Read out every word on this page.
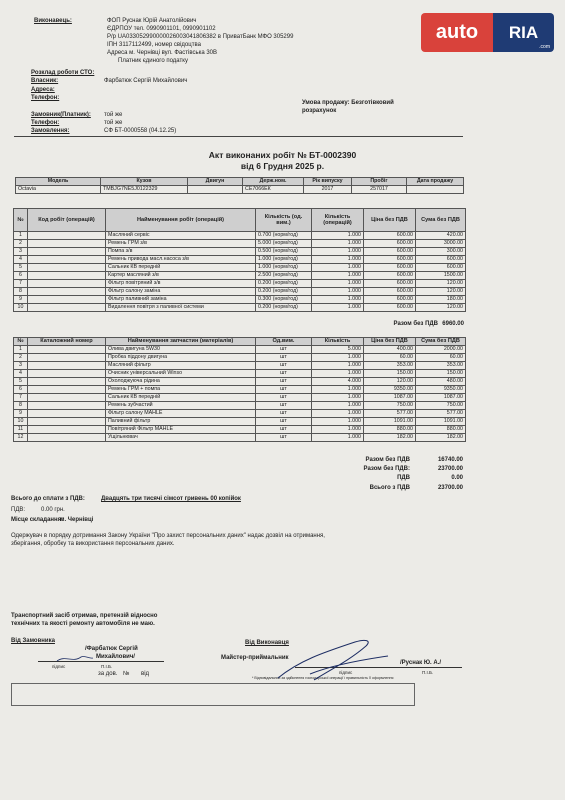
auto	RIA
.com
Виконавець:	ФОП Руснак Юрій Анатолійович
ЄДРПОУ тел. 0990901101, 0990901102
Р/р UA033052990000026003041806382 в ПриватБанк МФО 305299
ІПН 3117112499, номер свідоцтва
Адреса м. Чернівці вул. Фастівська 30В
Платник єдиного податку
Розклад роботи СТО:
Власник:	Фарбатюк Сергій Михайлович
Адреса:
Телефон:
Умова продажу: Безготівковий
розрахунок
Замовник(Платник): той же
Телефон:	той же
Замовлення:	СФ БТ-0000558 (04.12.25)
Акт виконаних робіт № БТ-0002390
від 6 Грудня 2025 р.
Модель	Кузов	Двигун	Держ.ном.	Рік випуску	Пробіг	Дата продажу
Octavia	TMBJG7NE5J0122329		СЕ7066ЕК	2017	257017	
№	Код робіт (операцій)	Найменування робіт (операцій)	Кількість (од. вим.)	Кількість (операцій)	Ціна без ПДВ	Сума без ПДВ
1		Масляний сервіс	0.700 (норм/год)	1.000	600.00	420.00
2		Ремень ГРМ з/в	5.000 (норм/год)	1.000	600.00	3000.00
3		Помпа з/в	0.500 (норм/год)	1.000	600.00	300.00
4		Ремень привода масл.насоса з/в	1.000 (норм/год)	1.000	600.00	600.00
5		Сальник КВ передній	1.000 (норм/год)	1.000	600.00	600.00
6		Картер масляний з/в	2.500 (норм/год)	1.000	600.00	1500.00
7		Фільтр повітряний з/в	0.200 (норм/год)	1.000	600.00	120.00
8		Фільтр салону заміна	0.200 (норм/год)	1.000	600.00	120.00
9		Фільтр паливний заміна	0.300 (норм/год)	1.000	600.00	180.00
10		Видалення повітря з паливної системи	0.200 (норм/год)	1.000	600.00	120.00
Разом без ПДВ 6960.00
№	Каталожний номер	Найменування запчастин (матеріалів)	Од.вим.	Кількість	Ціна без ПДВ	Сума без ПДВ
1		Олива двигуна 5W30	шт	5.000	400.00	2000.00
2		Пробка піддону двигуна	шт	1.000	60.00	60.00
3		Масляний фільтр	шт	1.000	353.00	353.00
4		Очисник універсальний Winso	шт	1.000	150.00	150.00
5		Охолоджуюча рідина	шт	4.000	120.00	480.00
6		Ремень ГРМ + помпа	шт	1.000	9350.00	9350.00
7		Сальник КВ передній	шт	1.000	1087.00	1087.00
8		Ремень зубчастий	шт	1.000	750.00	750.00
9		Фільтр салону MAHLE	шт	1.000	577.00	577.00
10		Паливний фільтр	шт	1.000	1091.00	1091.00
11		Повітряний Фільтр MAHLE	шт	1.000	880.00	880.00
12		Ущільнювач	шт	1.000	182.00	182.00
Разом без ПДВ	16740.00
Разом без ПДВ:	23700.00
ПДВ	0.00
Всього з ПДВ	23700.00
Всього до сплати з ПДВ:	Двадцять три тисячі сімсот гривень 00 копійок
ПДВ:	0.00 грн.
Місце складання:
м. Чернівці
Одержувач в порядку дотримання Закону України "Про захист персональних даних" надає дозвіл на отримання,
зберігання, обробку та використання персональних даних.
Транспортний засіб отримав, претензій відносно
технічних та якості ремонту автомобіля не маю.
Від Замовника	Від Виконавця
/Фарбатюк Сергій
Михайлович/	Майстер-приймальник
/Руснак Ю. А./
підпис	П.І.Б.
за дов. № від	підпис	П.І.Б.
* Відповідальний за здійснення господарської операції і правильність її оформлення
